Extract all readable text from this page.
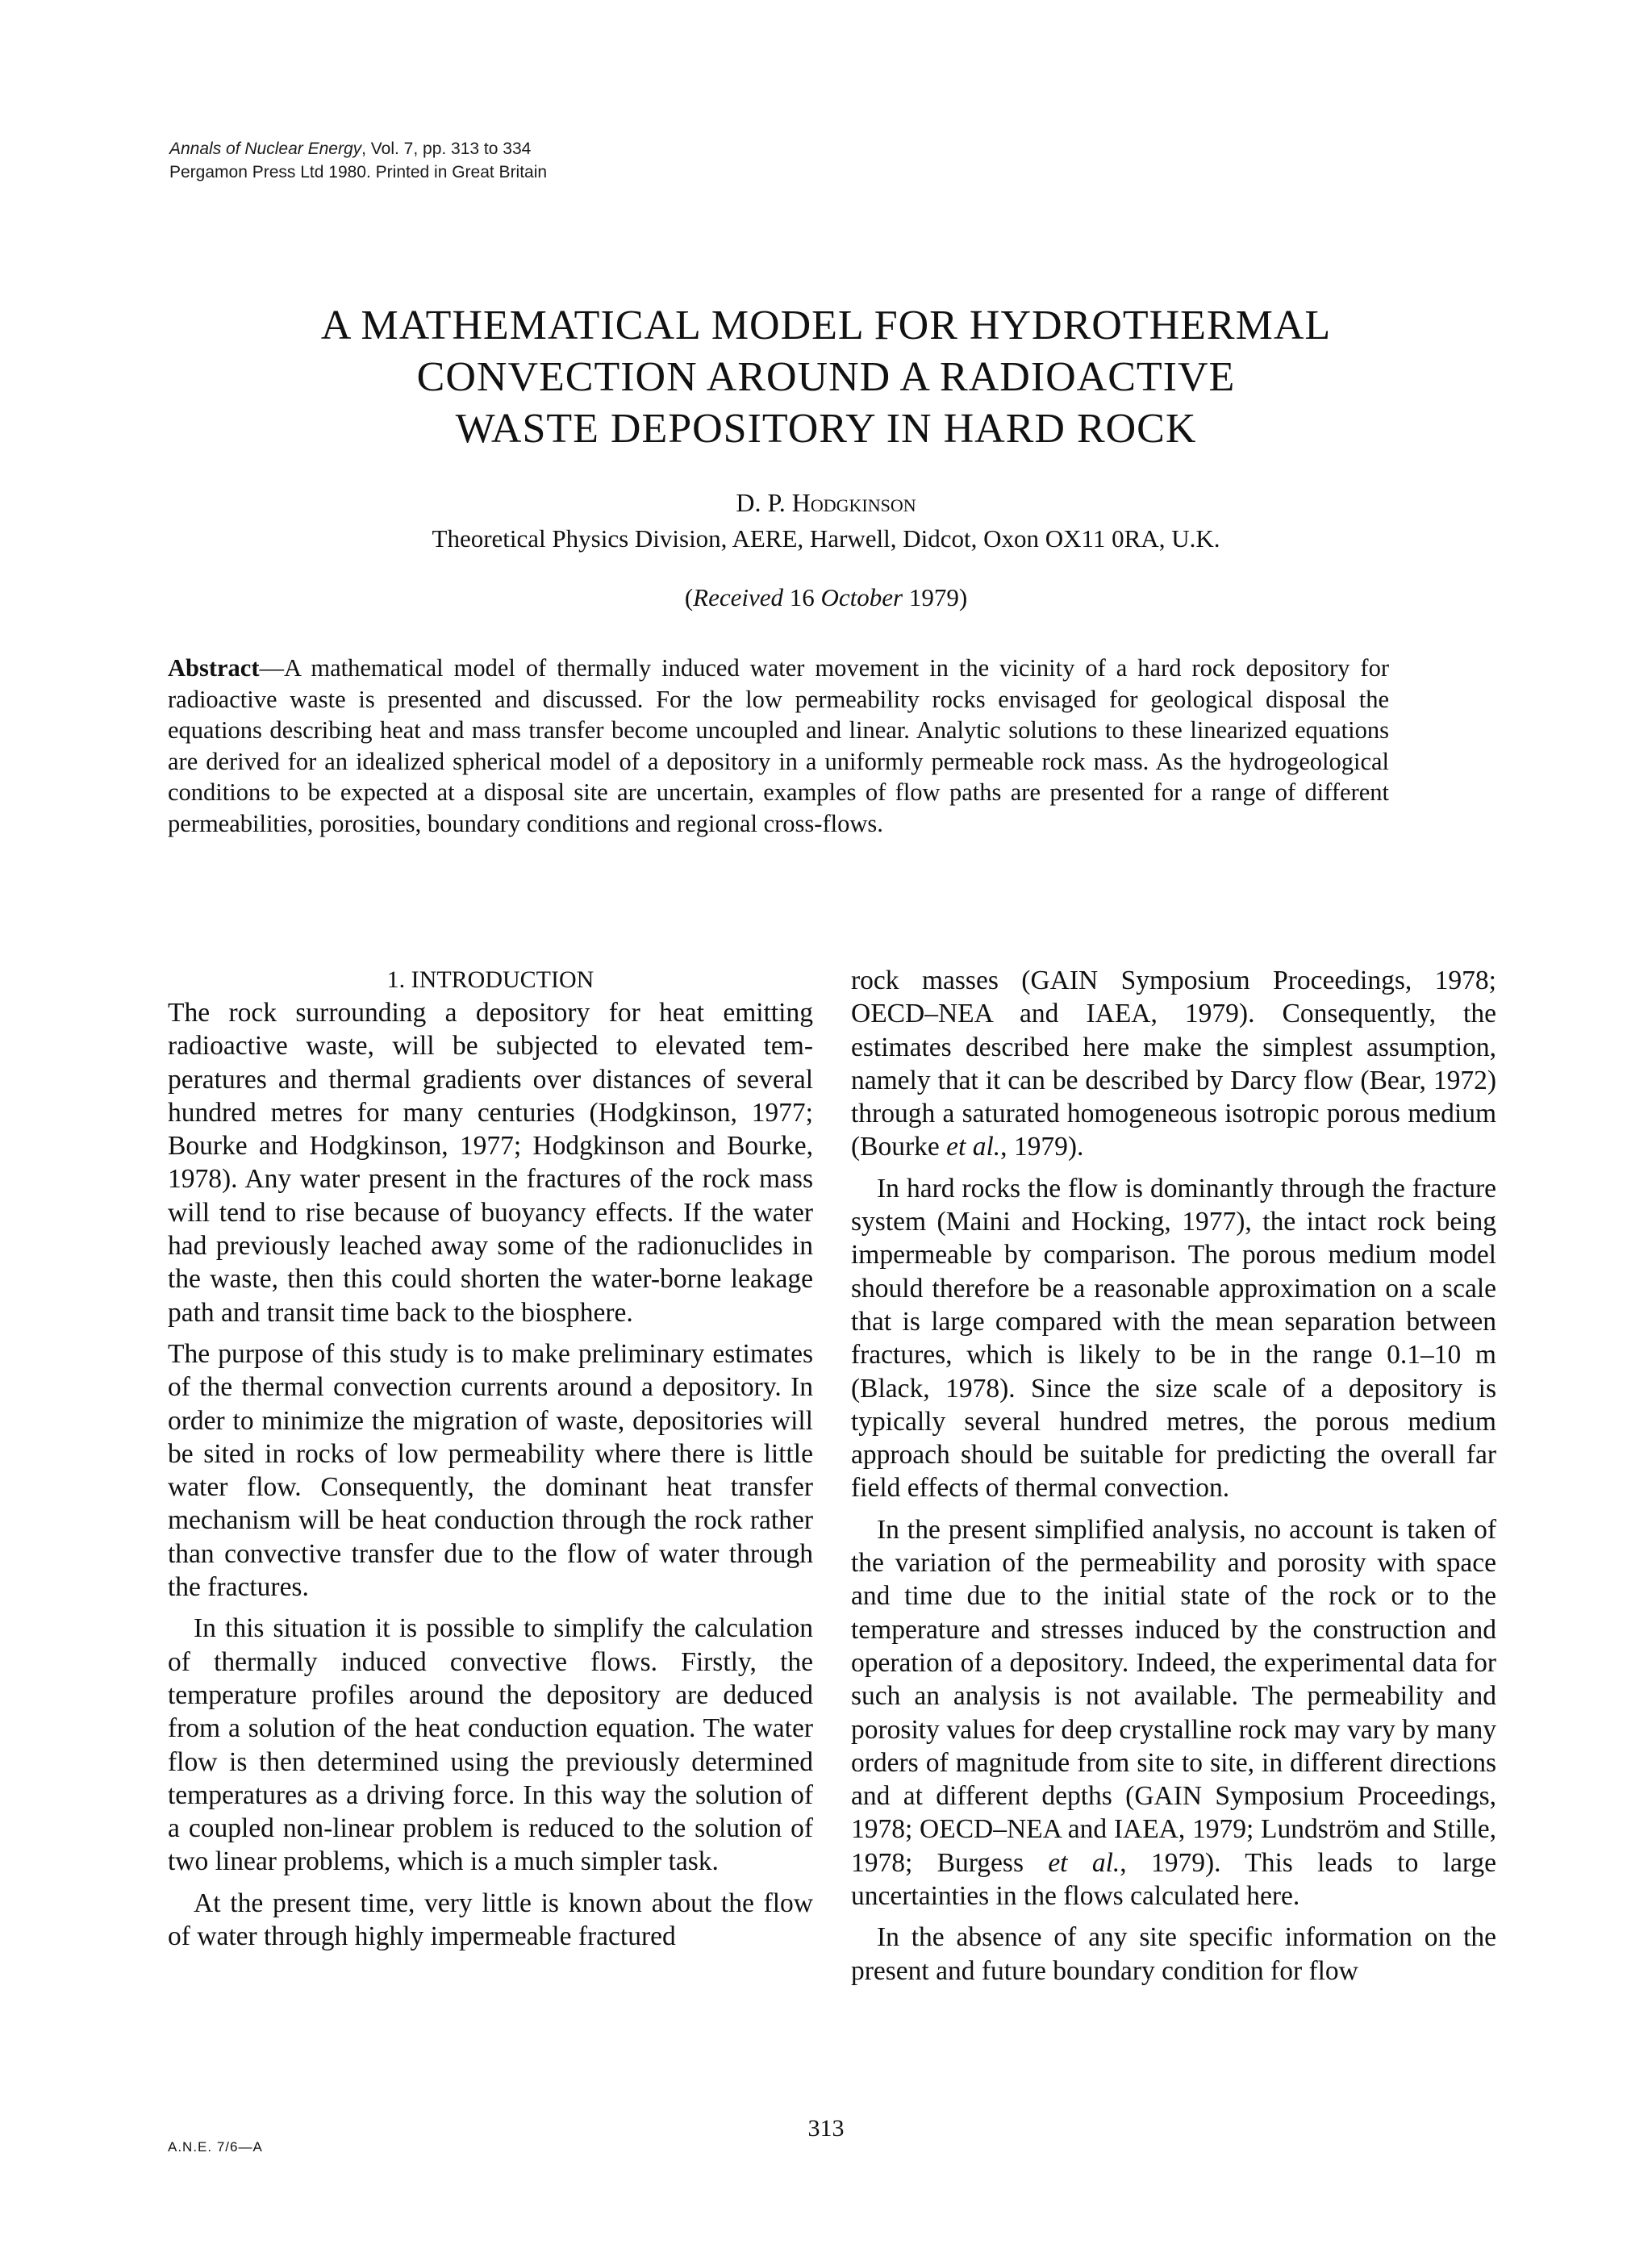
Annals of Nuclear Energy, Vol. 7, pp. 313 to 334
Pergamon Press Ltd 1980. Printed in Great Britain
A MATHEMATICAL MODEL FOR HYDROTHERMAL
CONVECTION AROUND A RADIOACTIVE
WASTE DEPOSITORY IN HARD ROCK
D. P. Hodgkinson
Theoretical Physics Division, AERE, Harwell, Didcot, Oxon OX11 0RA, U.K.
(Received 16 October 1979)
Abstract—A mathematical model of thermally induced water movement in the vicinity of a hard rock depository for radioactive waste is presented and discussed. For the low permeability rocks envisaged for geological disposal the equations describing heat and mass transfer become uncoupled and linear. Analytic solutions to these linearized equations are derived for an idealized spherical model of a depository in a uniformly permeable rock mass. As the hydrogeological conditions to be expected at a disposal site are uncertain, examples of flow paths are presented for a range of different permeabilities, porosities, boundary conditions and regional cross-flows.
1. INTRODUCTION

The rock surrounding a depository for heat emitting radioactive waste, will be subjected to elevated temperatures and thermal gradients over distances of several hundred metres for many centuries (Hodgkinson, 1977; Bourke and Hodgkinson, 1977; Hodgkinson and Bourke, 1978). Any water present in the fractures of the rock mass will tend to rise because of buoyancy effects. If the water had previously leached away some of the radionuclides in the waste, then this could shorten the water-borne leakage path and transit time back to the biosphere.

The purpose of this study is to make preliminary estimates of the thermal convection currents around a depository. In order to minimize the migration of waste, depositories will be sited in rocks of low permeability where there is little water flow. Consequently, the dominant heat transfer mechanism will be heat conduction through the rock rather than convective transfer due to the flow of water through the fractures.

In this situation it is possible to simplify the calculation of thermally induced convective flows. Firstly, the temperature profiles around the depository are deduced from a solution of the heat conduction equation. The water flow is then determined using the previously determined temperatures as a driving force. In this way the solution of a coupled non-linear problem is reduced to the solution of two linear problems, which is a much simpler task.

At the present time, very little is known about the flow of water through highly impermeable fractured

rock masses (GAIN Symposium Proceedings, 1978; OECD–NEA and IAEA, 1979). Consequently, the estimates described here make the simplest assumption, namely that it can be described by Darcy flow (Bear, 1972) through a saturated homogeneous isotropic porous medium (Bourke et al., 1979).

In hard rocks the flow is dominantly through the fracture system (Maini and Hocking, 1977), the intact rock being impermeable by comparison. The porous medium model should therefore be a reasonable approximation on a scale that is large compared with the mean separation between fractures, which is likely to be in the range 0.1–10 m (Black, 1978). Since the size scale of a depository is typically several hundred metres, the porous medium approach should be suitable for predicting the overall far field effects of thermal convection.

In the present simplified analysis, no account is taken of the variation of the permeability and porosity with space and time due to the initial state of the rock or to the temperature and stresses induced by the construction and operation of a depository. Indeed, the experimental data for such an analysis is not available. The permeability and porosity values for deep crystalline rock may vary by many orders of magnitude from site to site, in different directions and at different depths (GAIN Symposium Proceedings, 1978; OECD–NEA and IAEA, 1979; Lundström and Stille, 1978; Burgess et al., 1979). This leads to large uncertainties in the flows calculated here.

In the absence of any site specific information on the present and future boundary condition for flow

313
A.N.E. 7/6—A
